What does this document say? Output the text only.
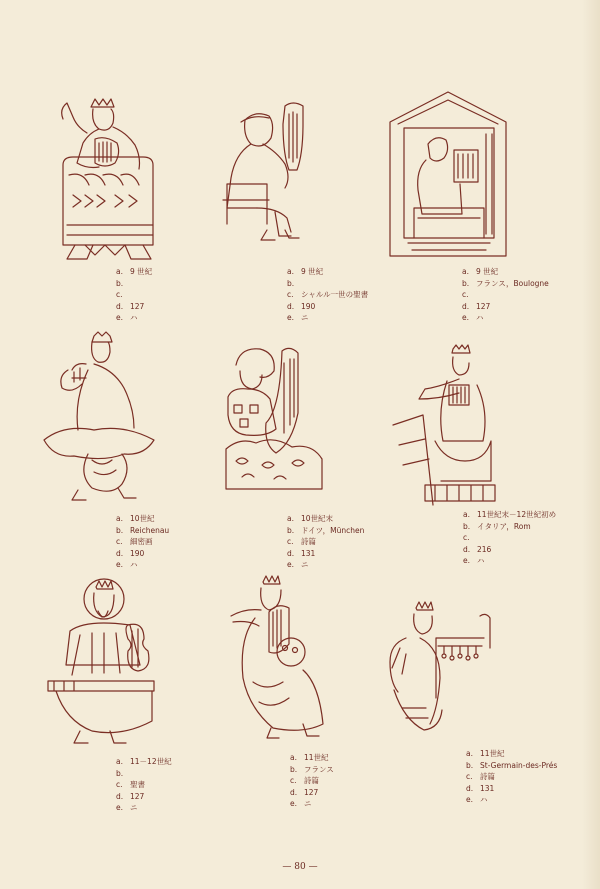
a. 9 世紀
b.
c.
d. 127
e. ハ
a. 9 世紀
b.
c. シャルル一世の聖書
d. 190
e. ニ
a. 9 世紀
b. フランス，Boulogne
c.
d. 127
e. ハ
a. 10世紀
b. Reichenau
c. 細密画
d. 190
e. ハ
a. 10世紀末
b. ドイツ，München
c. 詩篇
d. 131
e. ニ
a. 11世紀末－12世紀初め
b. イタリア，Rom
c.
d. 216
e. ハ
a. 11－12世紀
b.
c. 聖書
d. 127
e. ニ
a. 11世紀
b. フランス
c. 詩篇
d. 127
e. ニ
a. 11世紀
b. St-Germain-des-Prés
c. 詩篇
d. 131
e. ハ
— 80 —
